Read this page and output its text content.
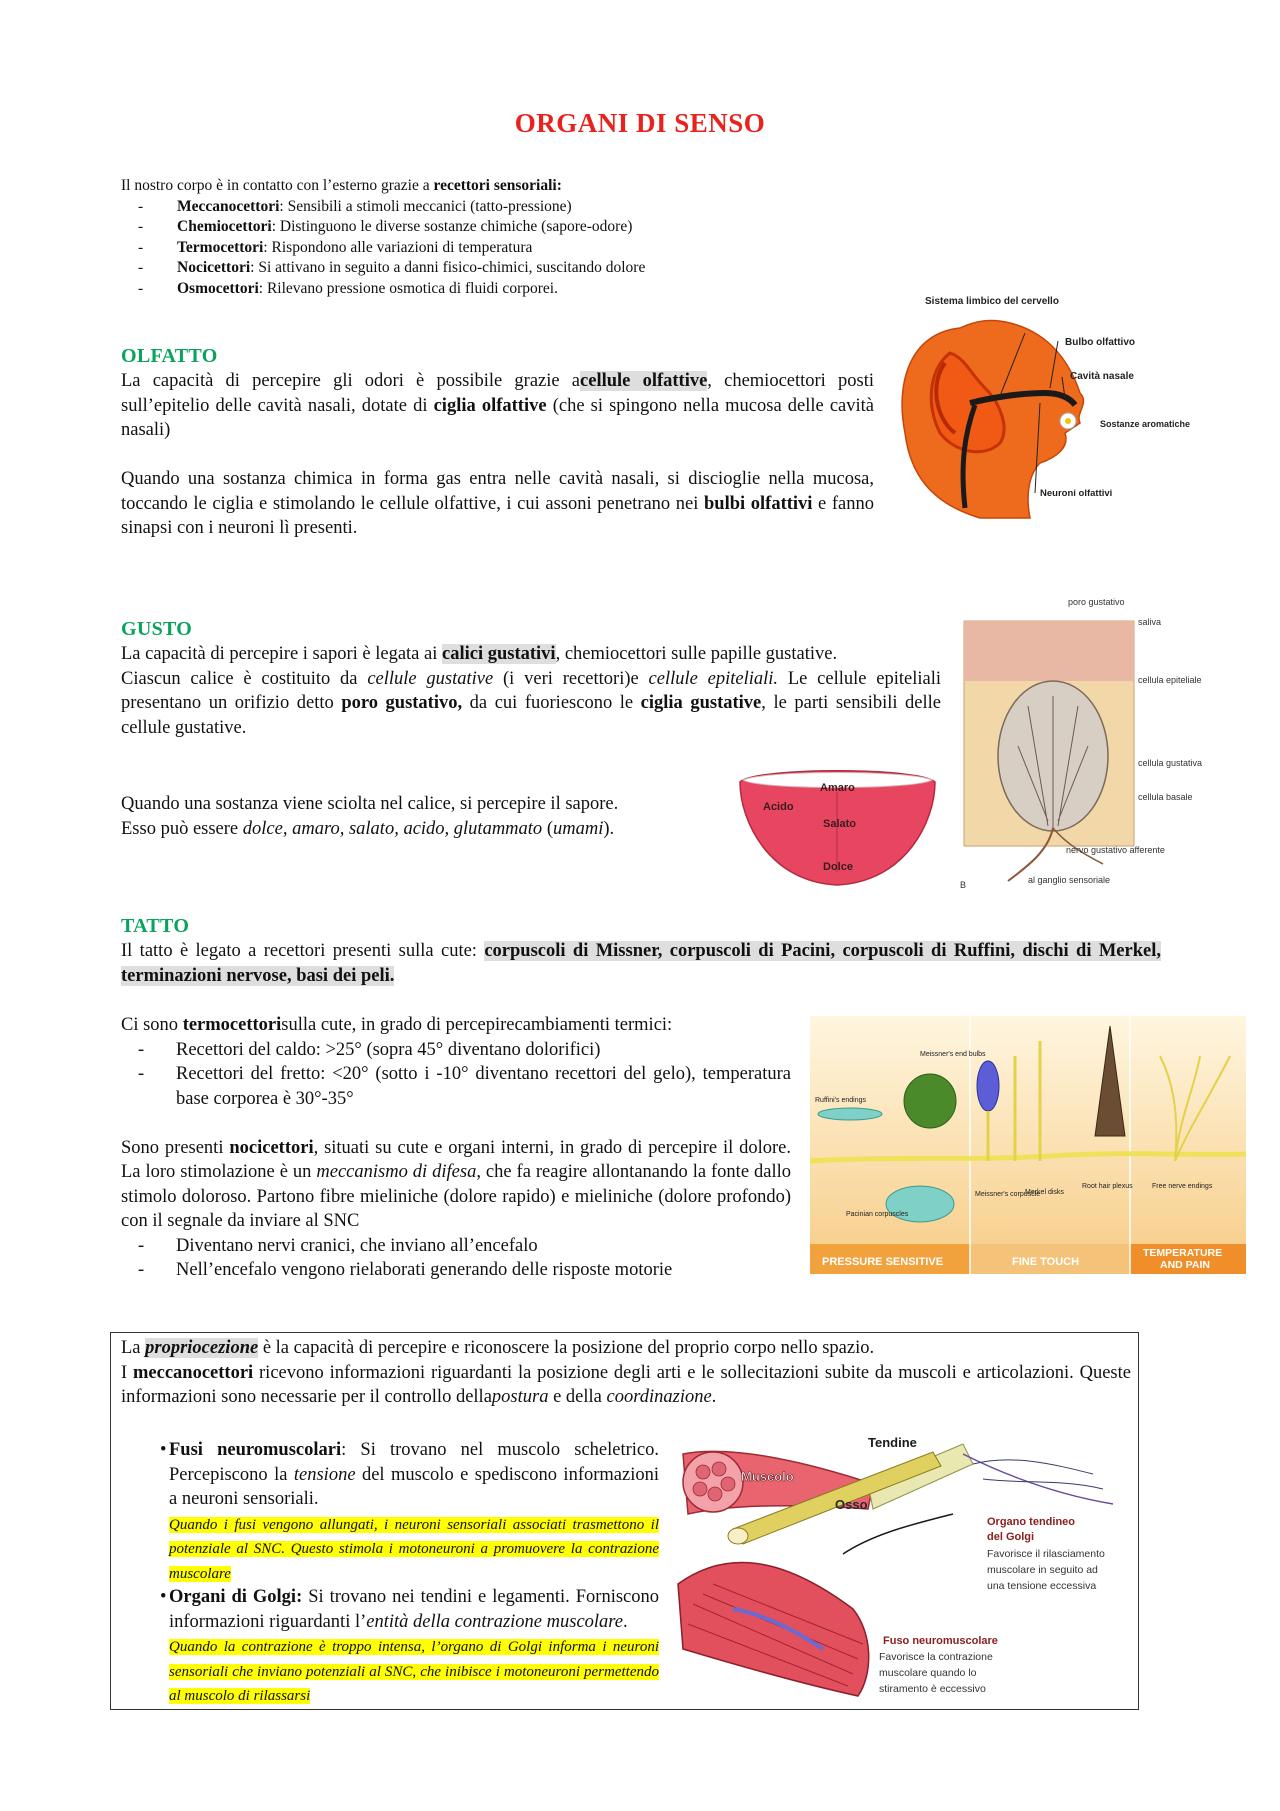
ORGANI DI SENSO
Il nostro corpo è in contatto con l’esterno grazie a recettori sensoriali:
- Meccanocettori: Sensibili a stimoli meccanici (tatto-pressione)
- Chemiocettori: Distinguono le diverse sostanze chimiche (sapore-odore)
- Termocettori: Rispondono alle variazioni di temperatura
- Nocicettori: Si attivano in seguito a danni fisico-chimici, suscitando dolore
- Osmocettori: Rilevano pressione osmotica di fluidi corporei.
OLFATTO

La capacità di percepire gli odori è possibile grazie acellule olfattive, chemiocettori posti sull’epitelio delle cavità nasali, dotate di ciglia olfattive (che si spingono nella mucosa delle cavità nasali)

Quando una sostanza chimica in forma gas entra nelle cavità nasali, si discioglie nella mucosa, toccando le ciglia e stimolando le cellule olfattive, i cui assoni penetrano nei bulbi olfattivi e fanno sinapsi con i neuroni lì presenti.

Sistema limbico del cervello
Bulbo olfattivo
Cavità nasale
Sostanze aromatiche
Neuroni olfattivi
GUSTO

La capacità di percepire i sapori è legata ai calici gustativi, chemiocettori sulle papille gustative.

Ciascun calice è costituito da cellule gustative (i veri recettori)e cellule epiteliali. Le cellule epiteliali presentano un orifizio detto poro gustativo, da cui fuoriescono le ciglia gustative, le parti sensibili delle cellule gustative.

Quando una sostanza viene sciolta nel calice, si percepire il sapore.

Esso può essere dolce, amaro, salato, acido, glutammato (umami).

Amaro
Acido
Salato
Dolce
poro gustativo
saliva
cellula epiteliale
cellula gustativa
cellula basale
nervo gustativo afferente
al ganglio sensoriale
B
TATTO

Il tatto è legato a recettori presenti sulla cute: corpuscoli di Missner, corpuscoli di Pacini, corpuscoli di Ruffini, dischi di Merkel, terminazioni nervose, basi dei peli.

Ci sono termocettorisulla cute, in grado di percepirecambiamenti termici:

- Recettori del caldo: >25° (sopra 45° diventano dolorifici)
- Recettori del fretto: <20° (sotto i -10° diventano recettori del gelo), temperatura base corporea è 30°-35°

Sono presenti nocicettori, situati su cute e organi interni, in grado di percepire il dolore. La loro stimolazione è un meccanismo di difesa, che fa reagire allontanando la fonte dallo stimolo doloroso. Partono fibre mieliniche (dolore rapido) e mieliniche (dolore profondo) con il segnale da inviare al SNC

- Diventano nervi cranici, che inviano all’encefalo
- Nell’encefalo vengono rielaborati generando delle risposte motorie
Meissner's end bulbs
Ruffini's endings
Pacinian corpuscles
Meissner's corpuscle
Merkel disks
Root hair plexus	Free nerve endings
PRESSURE SENSITIVE	FINE TOUCH
TEMPERATURE
AND PAIN

La propriocezione è la capacità di percepire e riconoscere la posizione del proprio corpo nello spazio.

I meccanocettori ricevono informazioni riguardanti la posizione degli arti e le sollecitazioni subite da muscoli e articolazioni. Queste informazioni sono necessarie per il controllo dellapostura e della coordinazione.

• Fusi neuromuscolari: Si trovano nel muscolo scheletrico. Percepiscono la tensione del muscolo e spediscono informazioni a neuroni sensoriali.
Quando i fusi vengono allungati, i neuroni sensoriali associati trasmettono il potenziale al SNC. Questo stimola i motoneuroni a promuovere la contrazione muscolare
• Organi di Golgi: Si trovano nei tendini e legamenti. Forniscono informazioni riguardanti l’entità della contrazione muscolare.
Quando la contrazione è troppo intensa, l’organo di Golgi informa i neuroni sensoriali che inviano potenziali al SNC, che inibisce i motoneuroni permettendo al muscolo di rilassarsi
Tendine
Muscolo
Osso
Organo tendineo
del Golgi
Favorisce il rilasciamento
muscolare in seguito ad
una tensione eccessiva
Fuso neuromuscolare
Favorisce la contrazione
muscolare quando lo
stiramento è eccessivo
